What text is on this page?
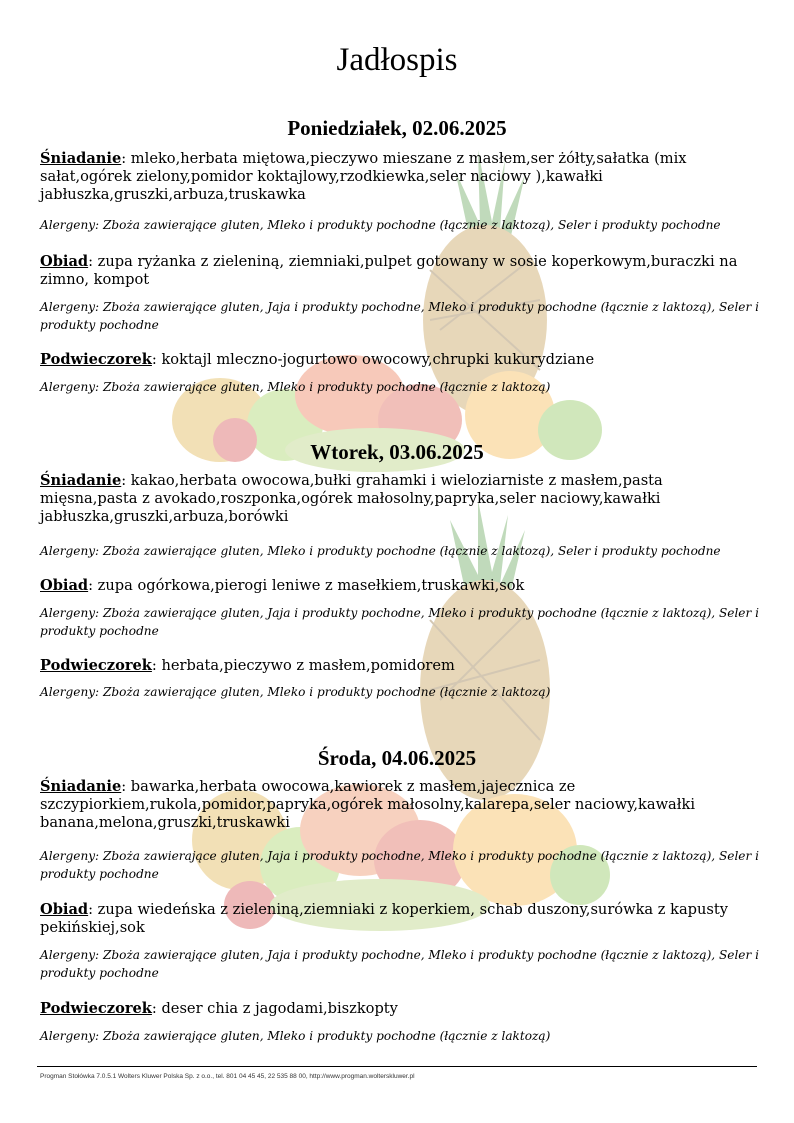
Jadłospis
Poniedziałek, 02.06.2025
Śniadanie: mleko,herbata miętowa,pieczywo mieszane z masłem,ser żółty,sałatka (mix sałat,ogórek zielony,pomidor koktajlowy,rzodkiewka,seler naciowy ),kawałki jabłuszka,gruszki,arbuza,truskawka
Alergeny: Zboża zawierające gluten, Mleko i produkty pochodne (łącznie z laktozą), Seler i produkty pochodne
Obiad: zupa ryżanka z zieleniną, ziemniaki,pulpet gotowany w sosie koperkowym,buraczki na zimno, kompot
Alergeny: Zboża zawierające gluten, Jaja i produkty pochodne, Mleko i produkty pochodne (łącznie z laktozą), Seler i produkty pochodne
Podwieczorek: koktajl mleczno-jogurtowo owocowy,chrupki kukurydziane
Alergeny: Zboża zawierające gluten, Mleko i produkty pochodne (łącznie z laktozą)
Wtorek, 03.06.2025
Śniadanie: kakao,herbata owocowa,bułki grahamki i wieloziarniste z masłem,pasta mięsna,pasta z avokado,roszponka,ogórek małosolny,papryka,seler naciowy,kawałki jabłuszka,gruszki,arbuza,borówki
Alergeny: Zboża zawierające gluten, Mleko i produkty pochodne (łącznie z laktozą), Seler i produkty pochodne
Obiad: zupa ogórkowa,pierogi leniwe z masełkiem,truskawki,sok
Alergeny: Zboża zawierające gluten, Jaja i produkty pochodne, Mleko i produkty pochodne (łącznie z laktozą), Seler i produkty pochodne
Podwieczorek: herbata,pieczywo z masłem,pomidorem
Alergeny: Zboża zawierające gluten, Mleko i produkty pochodne (łącznie z laktozą)
Środa, 04.06.2025
Śniadanie: bawarka,herbata owocowa,kawiorek z masłem,jajecznica ze szczypiorkiem,rukola,pomidor,papryka,ogórek małosolny,kalarepa,seler naciowy,kawałki banana,melona,gruszki,truskawki
Alergeny: Zboża zawierające gluten, Jaja i produkty pochodne, Mleko i produkty pochodne (łącznie z laktozą), Seler i produkty pochodne
Obiad: zupa wiedeńska z zieleniną,ziemniaki z koperkiem, schab duszony,surówka z kapusty pekińskiej,sok
Alergeny: Zboża zawierające gluten, Jaja i produkty pochodne, Mleko i produkty pochodne (łącznie z laktozą), Seler i produkty pochodne
Podwieczorek: deser chia z jagodami,biszkopty
Alergeny: Zboża zawierające gluten, Mleko i produkty pochodne (łącznie z laktozą)
Progman Stołówka 7.0.5.1 Wolters Kluwer Polska Sp. z o.o., tel. 801 04 45 45, 22 535 88 00, http://www.progman.wolterskluwer.pl
